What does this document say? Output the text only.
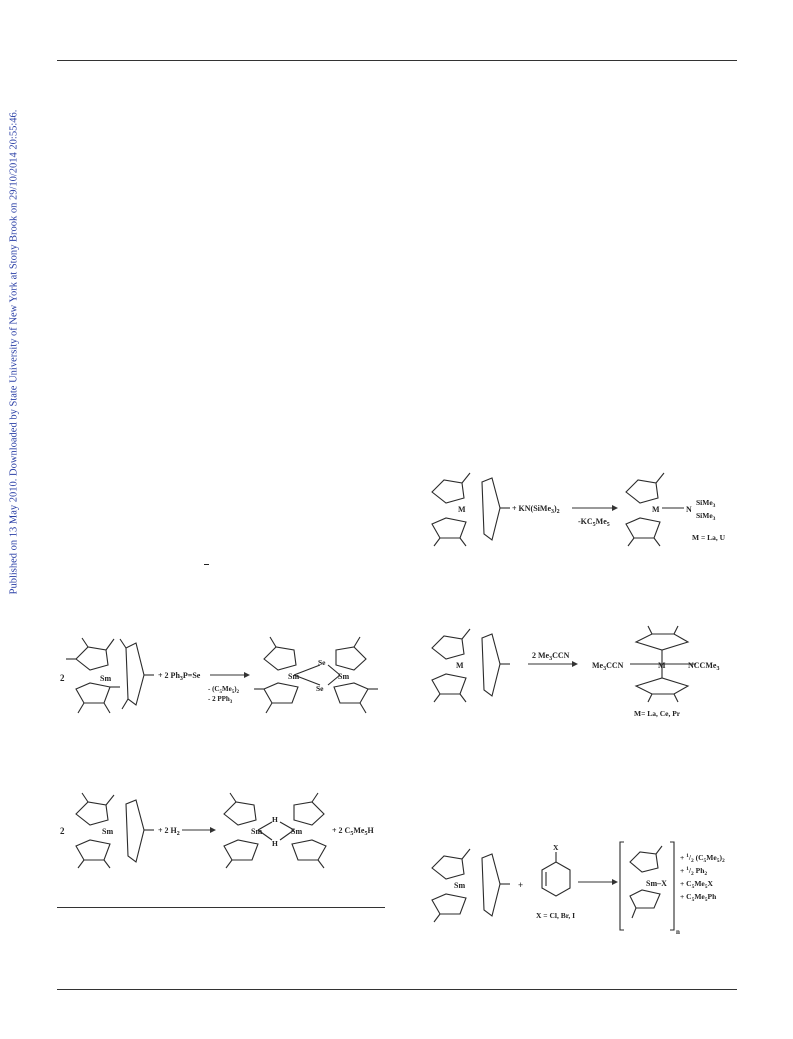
Published on 13 May 2010. Downloaded by State University of New York at Stony Brook on 29/10/2014 20:55:46.
2	Sm	+ 2 $Ph_3P=Se$
- $(C_5Me_5)_2$
- 2 PPh$_3$
Sm	Sm
Se
Se
2	Sm	+ 2 $H_2$	Sm	Sm
H
H
+ 2 $C_5Me_5H$
M	+ $KN(SiMe_3)_2$
$-KC_5Me_5$
M	N
SiMe$_3$
SiMe$_3$
M = La, U
M
2 $Me_3CCN$
$Me_3CCN$	M	NCCMe$_3$
M= La, Ce, Pr
Sm	+
X
X = Cl, Br, I
Sm–X
n
+ $^1/_2$ $(C_5Me_5)_2$
+ $^1/_2$ $Ph_2$
+ $C_5Me_5X$
+ $C_5Me_5Ph$
